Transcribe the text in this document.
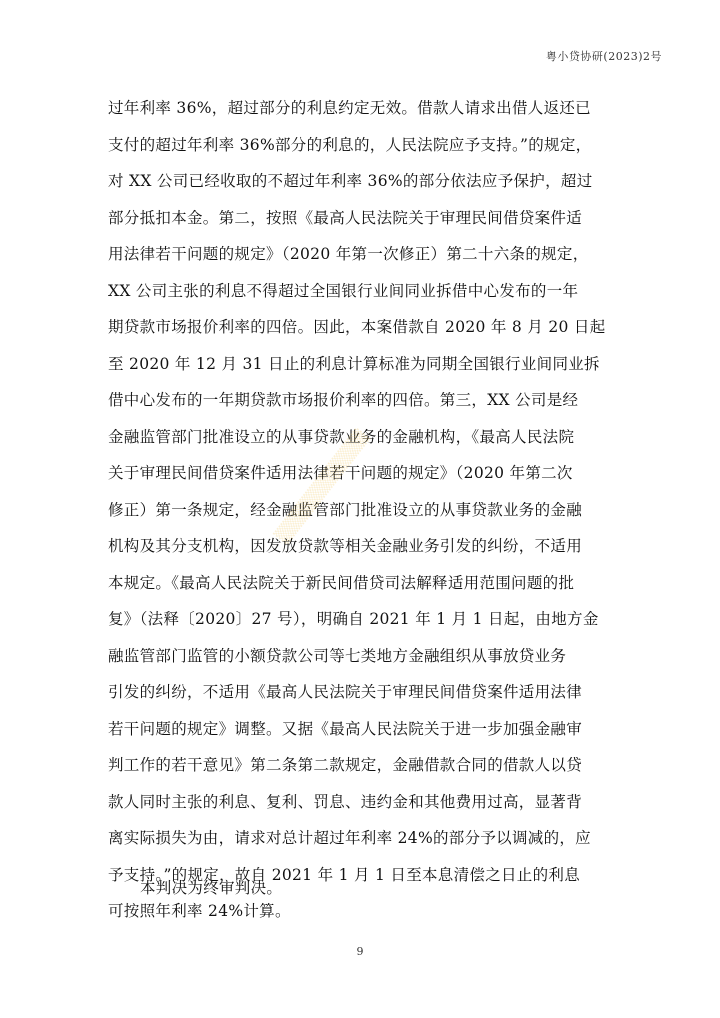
粤小贷协研(2023)2号
过年利率 36%，超过部分的利息约定无效。借款人请求出借人返还已
支付的超过年利率 36%部分的利息的，人民法院应予支持。”的规定，
对 XX 公司已经收取的不超过年利率 36%的部分依法应予保护，超过
部分抵扣本金。第二，按照《最高人民法院关于审理民间借贷案件适
用法律若干问题的规定》（2020 年第一次修正）第二十六条的规定，
XX 公司主张的利息不得超过全国银行业间同业拆借中心发布的一年
期贷款市场报价利率的四倍。因此，本案借款自 2020 年 8 月 20 日起
至 2020 年 12 月 31 日止的利息计算标准为同期全国银行业间同业拆
借中心发布的一年期贷款市场报价利率的四倍。第三，XX 公司是经
金融监管部门批准设立的从事贷款业务的金融机构，《最高人民法院
关于审理民间借贷案件适用法律若干问题的规定》（2020 年第二次
修正）第一条规定，经金融监管部门批准设立的从事贷款业务的金融
机构及其分支机构，因发放贷款等相关金融业务引发的纠纷，不适用
本规定。《最高人民法院关于新民间借贷司法解释适用范围问题的批
复》（法释〔2020〕27 号），明确自 2021 年 1 月 1 日起，由地方金
融监管部门监管的小额贷款公司等七类地方金融组织从事放贷业务
引发的纠纷，不适用《最高人民法院关于审理民间借贷案件适用法律
若干问题的规定》调整。又据《最高人民法院关于进一步加强金融审
判工作的若干意见》第二条第二款规定，金融借款合同的借款人以贷
款人同时主张的利息、复利、罚息、违约金和其他费用过高，显著背
离实际损失为由，请求对总计超过年利率 24%的部分予以调减的，应
予支持。”的规定，故自 2021 年 1 月 1 日至本息清偿之日止的利息
可按照年利率 24%计算。
本判决为终审判决。
▒▒▒▒▒▒▒▒▒▒▒
9
